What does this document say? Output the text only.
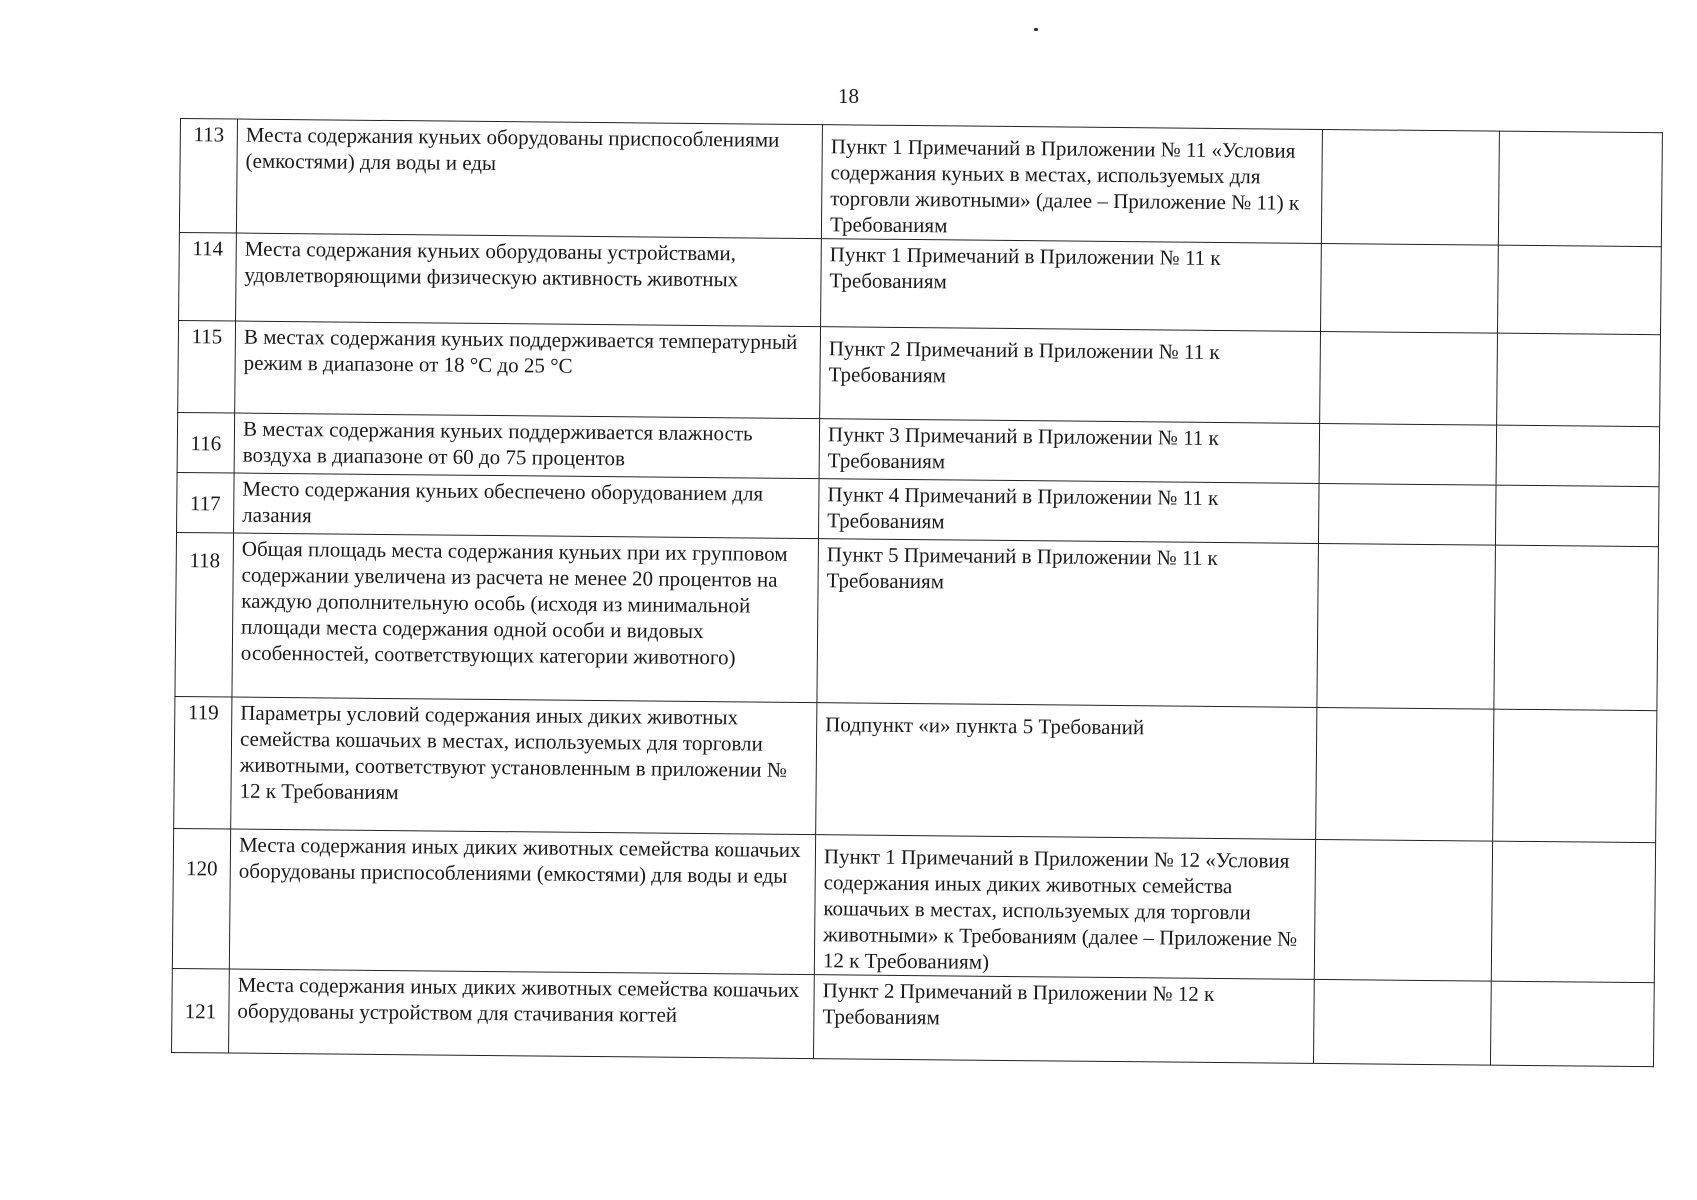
18
113	Места содержания куньих оборудованы приспособлениями (емкостями) для воды и еды	Пункт 1 Примечаний в Приложении № 11 «Условия содержания куньих в местах, используемых для торговли животными» (далее – Приложение № 11) к Требованиям		
114	Места содержания куньих оборудованы устройствами, удовлетворяющими физическую активность животных	Пункт 1 Примечаний в Приложении № 11 к Требованиям		
115	В местах содержания куньих поддерживается температурный режим в диапазоне от 18 °С до 25 °С	Пункт 2 Примечаний в Приложении № 11 к Требованиям		
116	В местах содержания куньих поддерживается влажность воздуха в диапазоне от 60 до 75 процентов	Пункт 3 Примечаний в Приложении № 11 к Требованиям		
117	Место содержания куньих обеспечено оборудованием для лазания	Пункт 4 Примечаний в Приложении № 11 к Требованиям		
118	Общая площадь места содержания куньих при их групповом содержании увеличена из расчета не менее 20 процентов на каждую дополнительную особь (исходя из минимальной площади места содержания одной особи и видовых особенностей, соответствующих категории животного)	Пункт 5 Примечаний в Приложении № 11 к Требованиям		
119	Параметры условий содержания иных диких животных семейства кошачьих в местах, используемых для торговли животными, соответствуют установленным в приложении № 12 к Требованиям	Подпункт «и» пункта 5 Требований		
120	Места содержания иных диких животных семейства кошачьих оборудованы приспособлениями (емкостями) для воды и еды	Пункт 1 Примечаний в Приложении № 12 «Условия содержания иных диких животных семейства кошачьих в местах, используемых для торговли животными» к Требованиям (далее – Приложение № 12 к Требованиям)		
121	Места содержания иных диких животных семейства кошачьих оборудованы устройством для стачивания когтей	Пункт 2 Примечаний в Приложении № 12 к Требованиям		
